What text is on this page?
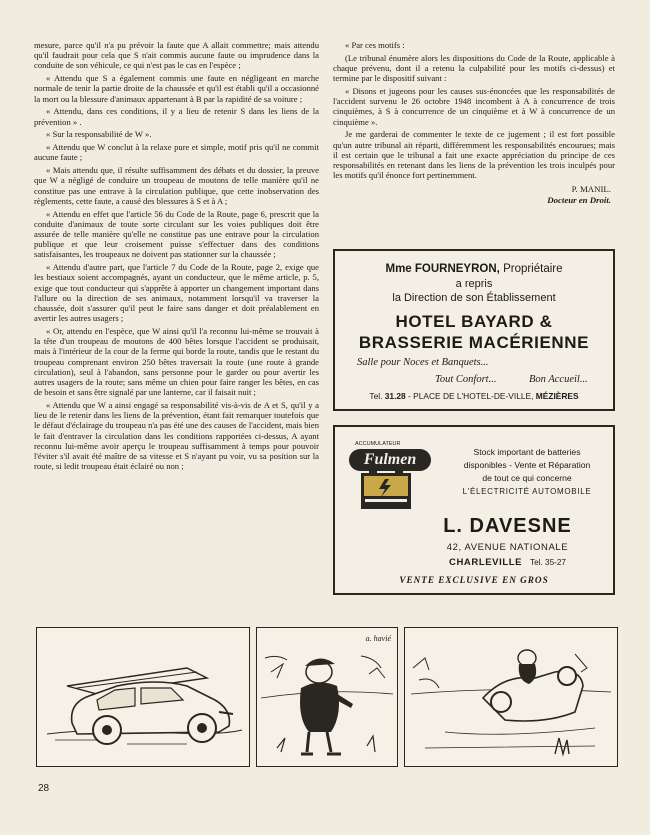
mesure, parce qu'il n'a pu prévoir la faute que A allait commettre; mais attendu qu'il faudrait pour cela que S n'ait commis aucune faute ou imprudence dans la conduite de son véhicule, ce qui n'est pas le cas en l'espèce ;

« Attendu que S a également commis une faute en négligeant en marche normale de tenir la partie droite de la chaussée et qu'il est établi qu'il a occasionné la mort ou la blessure d'animaux appartenant à B par la rapidité de sa voiture ;

« Attendu, dans ces conditions, il y a lieu de retenir S dans les liens de la prévention » .

« Sur la responsabilité de W ».

« Attendu que W conclut à la relaxe pure et simple, motif pris qu'il ne commit aucune faute ;

« Mais attendu que, il résulte suffisamment des débats et du dossier, la preuve que W a négligé de conduire un troupeau de moutons de telle manière qu'il ne constitue pas une entrave à la circulation publique, que cette inobservation des règlements, cette faute, a causé des blessures à S et à A ;

« Attendu en effet que l'article 56 du Code de la Route, page 6, prescrit que la conduite d'animaux de toute sorte circulant sur les voies publiques doit être assurée de telle manière qu'elle ne constitue pas une entrave pour la circulation publique et que leur croisement puisse s'effectuer dans des conditions satisfaisantes, les troupeaux ne doivent pas stationner sur la chaussée ;

« Attendu d'autre part, que l'article 7 du Code de la Route, page 2, exige que les bestiaux soient accompagnés, ayant un conducteur, que le même article, p. 5, exige que tout conducteur qui s'apprête à apporter un changement important dans l'allure ou la direction de ses animaux, notamment lorsqu'il va traverser la chaussée, doit s'assurer qu'il peut le faire sans danger et doit préalablement en avertir les autres usagers ;

« Or, attendu en l'espèce, que W ainsi qu'il l'a reconnu lui-même se trouvait à la tête d'un troupeau de moutons de 400 bêtes lorsque l'accident se produisait, mais à l'intérieur de la cour de la ferme qui borde la route, tandis que le restant du troupeau comprenant environ 250 bêtes traversait la route (une route à grande circulation), seul à l'abandon, sans personne pour le garder ou pour avertir les autres usagers de la route; sans même un chien pour faire ranger les bêtes, en cas de besoin et sans être signalé par une lanterne, car il faisait nuit ;

« Attendu que W a ainsi engagé sa responsabilité vis-à-vis de A et S, qu'il y a lieu de le retenir dans les liens de la prévention, étant fait remarquer toutefois que le défaut d'éclairage du troupeau n'a pas été une des causes de l'accident, mais bien le fait d'entraver la circulation dans les conditions rapportées ci-dessus, A ayant reconnu lui-même avoir aperçu le troupeau suffisamment à temps pour pouvoir l'éviter s'il avait été maître de sa vitesse et S n'ayant pu voir, vu sa position sur la route, si ledit troupeau était éclairé ou non ;

« Par ces motifs :

(Le tribunal énumère alors les dispositions du Code de la Route, applicable à chaque prévenu, dont il a retenu la culpabilité pour les motifs ci-dessus) et termine par le dispositif suivant :

« Disons et jugeons pour les causes sus-énoncées que les responsabilités de l'accident survenu le 26 octobre 1948 incombent à A à concurrence de trois cinquièmes, à S à concurrence de un cinquième et à W à concurrence de un cinquième ».

Je me garderai de commenter le texte de ce jugement ; il est fort possible qu'un autre tribunal ait réparti, différemment les responsabilités encourues; mais il est certain que le tribunal a fait une exacte appréciation du principe de ces responsabilités en retenant dans les liens de la prévention les trois inculpés pour les motifs qu'il énonce fort pertinemment.

P. MANIL.
Docteur en Droit.
Mme FOURNEYRON, Propriétaire
a repris
la Direction de son Établissement
HOTEL BAYARD &
BRASSERIE MACÉRIENNE
Salle pour Noces et Banquets...
Tout Confort...	Bon Accueil...
Tel. 31.28 - PLACE DE L'HOTEL-DE-VILLE, MÉZIÈRES
ACCUMULATEUR
Fulmen	Stock important de batteries
disponibles - Vente et Réparation
de tout ce qui concerne
L'ÉLECTRICITÉ AUTOMOBILE
L. DAVESNE
42, AVENUE NATIONALE
CHARLEVILLE Tel. 35-27
VENTE EXCLUSIVE EN GROS
a. havié
28
